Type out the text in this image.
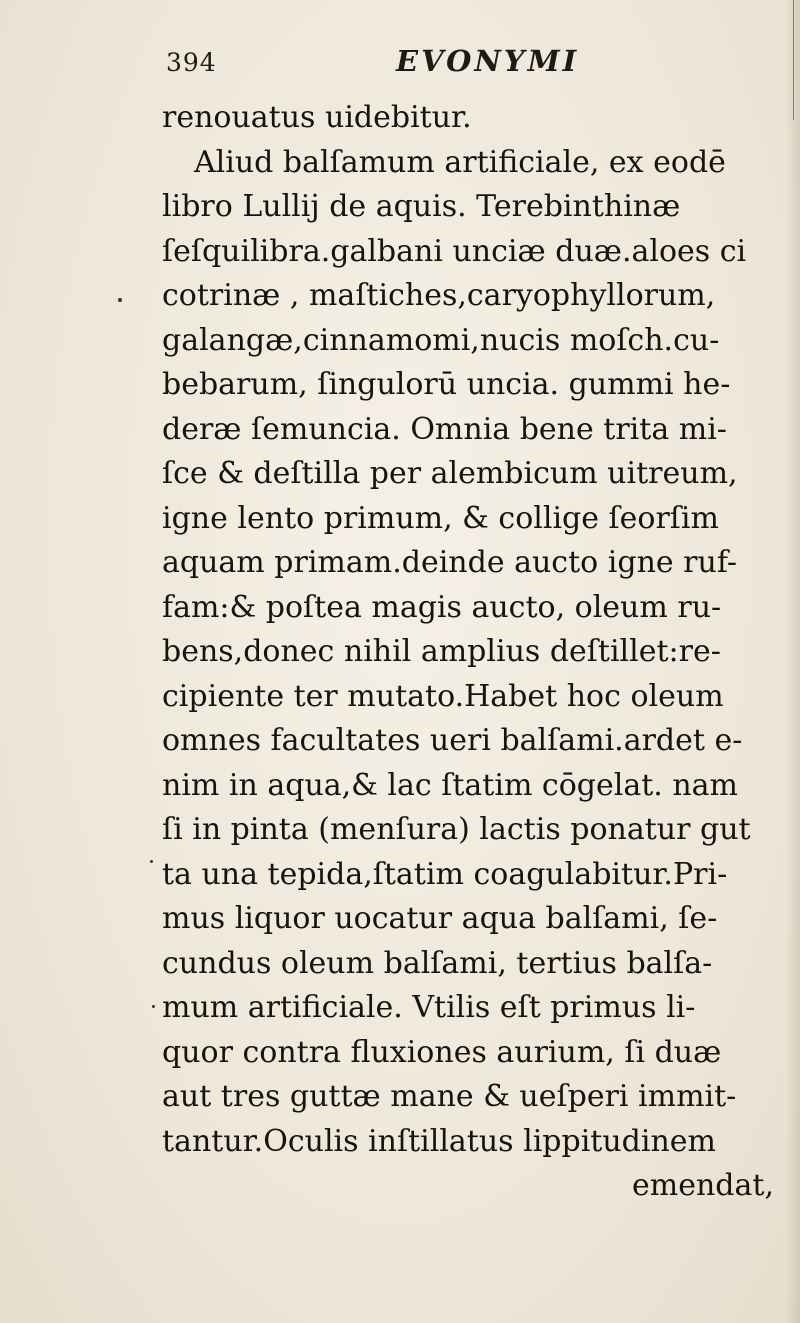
394	EVONYMI
renouatus uidebitur.
Aliud balſamum artificiale, ex eodē
libro Lullij de aquis. Terebinthinæ
ſeſquilibra.galbani unciæ duæ.aloes ci
cotrinæ , maſtiches,caryophyllorum,
galangæ,cinnamomi,nucis moſch.cu-
bebarum, ſingulorū uncia. gummi he-
deræ ſemuncia. Omnia bene trita mi-
ſce & deſtilla per alembicum uitreum,
igne lento primum, & collige ſeorſim
aquam primam.deinde aucto igne ruf-
fam:& poſtea magis aucto, oleum ru-
bens,donec nihil amplius deſtillet:re-
cipiente ter mutato.Habet hoc oleum
omnes facultates ueri balſami.ardet e-
nim in aqua,& lac ſtatim cōgelat. nam
ſi in pinta (menſura) lactis ponatur gut
ta una tepida,ſtatim coagulabitur.Pri-
mus liquor uocatur aqua balſami, ſe-
cundus oleum balſami, tertius balſa-
mum artificiale. Vtilis eſt primus li-
quor contra fluxiones aurium, ſi duæ
aut tres guttæ mane & ueſperi immit-
tantur.Oculis inſtillatus lippitudinem
emendat,
